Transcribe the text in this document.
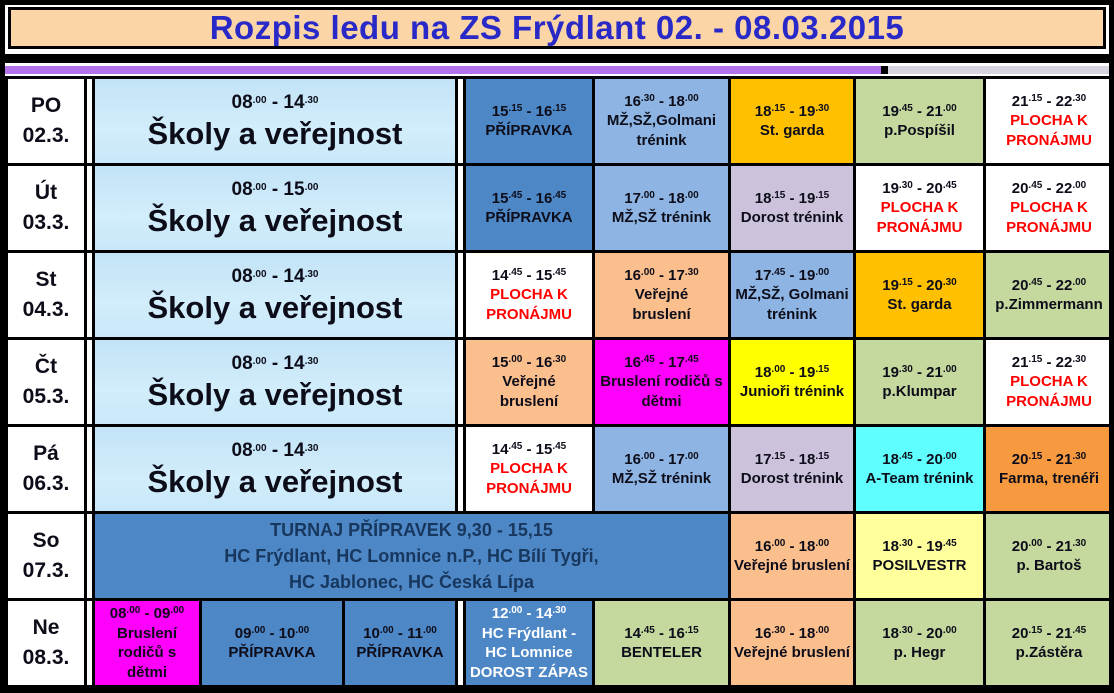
Rozpis ledu na ZS Frýdlant 02. - 08.03.2015
PO
02.3.
$08^{.00} - 14^{.30}$
Školy a veřejnost
$15^{.15} - 16^{.15}$
PŘÍPRAVKA
$16^{.30} - 18^{.00}$
MŽ,SŽ,Golmani
trénink
$18^{.15} - 19^{.30}$
St. garda
$19^{.45} - 21^{.00}$
p.Pospíšil
$21^{.15} - 22^{.30}$
PLOCHA K
PRONÁJMU
Út
03.3.
$08^{.00} - 15^{.00}$
Školy a veřejnost
$15^{.45} - 16^{.45}$
PŘÍPRAVKA
$17^{.00} - 18^{.00}$
MŽ,SŽ trénink
$18^{.15} - 19^{.15}$
Dorost trénink
$19^{.30} - 20^{.45}$
PLOCHA K
PRONÁJMU
$20^{.45} - 22^{.00}$
PLOCHA K
PRONÁJMU
St
04.3.
$08^{.00} - 14^{.30}$
Školy a veřejnost
$14^{.45} - 15^{.45}$
PLOCHA K
PRONÁJMU
$16^{.00} - 17^{.30}$
Veřejné
bruslení
$17^{.45} - 19^{.00}$
MŽ,SŽ, Golmani
trénink
$19^{.15} - 20^{.30}$
St. garda
$20^{.45} - 22^{.00}$
p.Zimmermann
Čt
05.3.
$08^{.00} - 14^{.30}$
Školy a veřejnost
$15^{.00} - 16^{.30}$
Veřejné
bruslení
$16^{.45} - 17^{.45}$
Bruslení rodičů s
dětmi
$18^{.00} - 19^{.15}$
Junioři trénink
$19^{.30} - 21^{.00}$
p.Klumpar
$21^{.15} - 22^{.30}$
PLOCHA K
PRONÁJMU
Pá
06.3.
$08^{.00} - 14^{.30}$
Školy a veřejnost
$14^{.45} - 15^{.45}$
PLOCHA K
PRONÁJMU
$16^{.00} - 17^{.00}$
MŽ,SŽ trénink
$17^{.15} - 18^{.15}$
Dorost trénink
$18^{.45} - 20^{.00}$
A-Team trénink
$20^{.15} - 21^{.30}$
Farma, trenéři
So
07.3.
TURNAJ PŘÍPRAVEK 9,30 - 15,15
HC Frýdlant, HC Lomnice n.P., HC Bílí Tygři,
HC Jablonec, HC Česká Lípa
$16^{.00} - 18^{.00}$
Veřejné bruslení
$18^{.30} - 19^{.45}$
POSILVESTR
$20^{.00} - 21^{.30}$
p. Bartoš
Ne
08.3.
$08^{.00} - 09^{.00}$
Bruslení
rodičů s
dětmi
$09^{.00} - 10^{.00}$
PŘÍPRAVKA
$10^{.00} - 11^{.00}$
PŘÍPRAVKA
$12^{.00} - 14^{.30}$
HC Frýdlant -
HC Lomnice
DOROST ZÁPAS
$14^{.45} - 16^{.15}$
BENTELER
$16^{.30} - 18^{.00}$
Veřejné bruslení
$18^{.30} - 20^{.00}$
p. Hegr
$20^{.15} - 21^{.45}$
p.Zástěra
